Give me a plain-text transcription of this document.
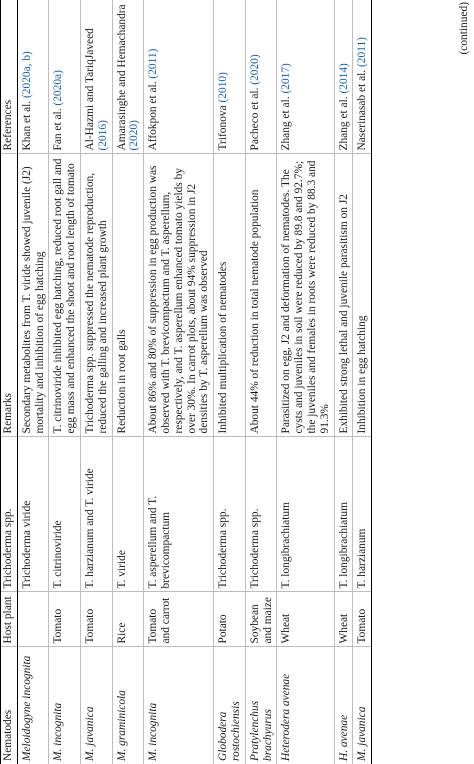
Nematodes	Host plant	Trichoderma spp.	Remarks	References
Meloidogyne incognita		Trichoderma viride	Secondary metabolites from T. viride showed juvenile (J2) mortality and inhibition of egg hatching	Khan et al. (2020a, b)
M. incognita	Tomato	T. citrinoviride	T. citrinoviride inhibited egg hatching, reduced root gall and egg mass and enhanced the shoot and root length of tomato	Fan et al. (2020a)
M. javanica	Tomato	T. harzianum and T. viride	Trichoderma spp. suppressed the nematode reproduction, reduced the galling and increased plant growth	Al-Hazmi and TariqJaveed (2016)
M. graminicola	Rice	T. viride	Reduction in root galls	Amarasinghe and Hemachandra (2020)
M. incognita	Tomato and carrot	T. asperellum and T. brevicompactum	About 86% and 80% of suppression in egg production was observed with T. brevicompactum and T. asperellum, respectively, and T. asperellum enhanced tomato yields by over 30%. In carrot plots, about 94% suppression in J2 densities by T. asperellum was observed	Affokpon et al. (2011)
Globodera rostochiensis	Potato	Trichoderma spp.	Inhibited multiplication of nematodes	Trifonova (2010)
Pratylenchus brachyurus	Soybean and maize	Trichoderma spp.	About 44% of reduction in total nematode population	Pacheco et al. (2020)
Heterodera avenae	Wheat	T. longibrachiatum	Parasitized on egg, J2 and deformation of nematodes. The cysts and juveniles in soil were reduced by 89.8 and 92.7%; the juveniles and females in roots were reduced by 88.3 and 91.3%	Zhang et al. (2017)
H. avenae	Wheat	T. longibrachiatum	Exhibited strong lethal and juvenile parasitism on J2	Zhang et al. (2014)
M. javanica	Tomato	T. harzianum	Inhibition in egg hatching	Naserinasab et al. (2011)	(continued)
